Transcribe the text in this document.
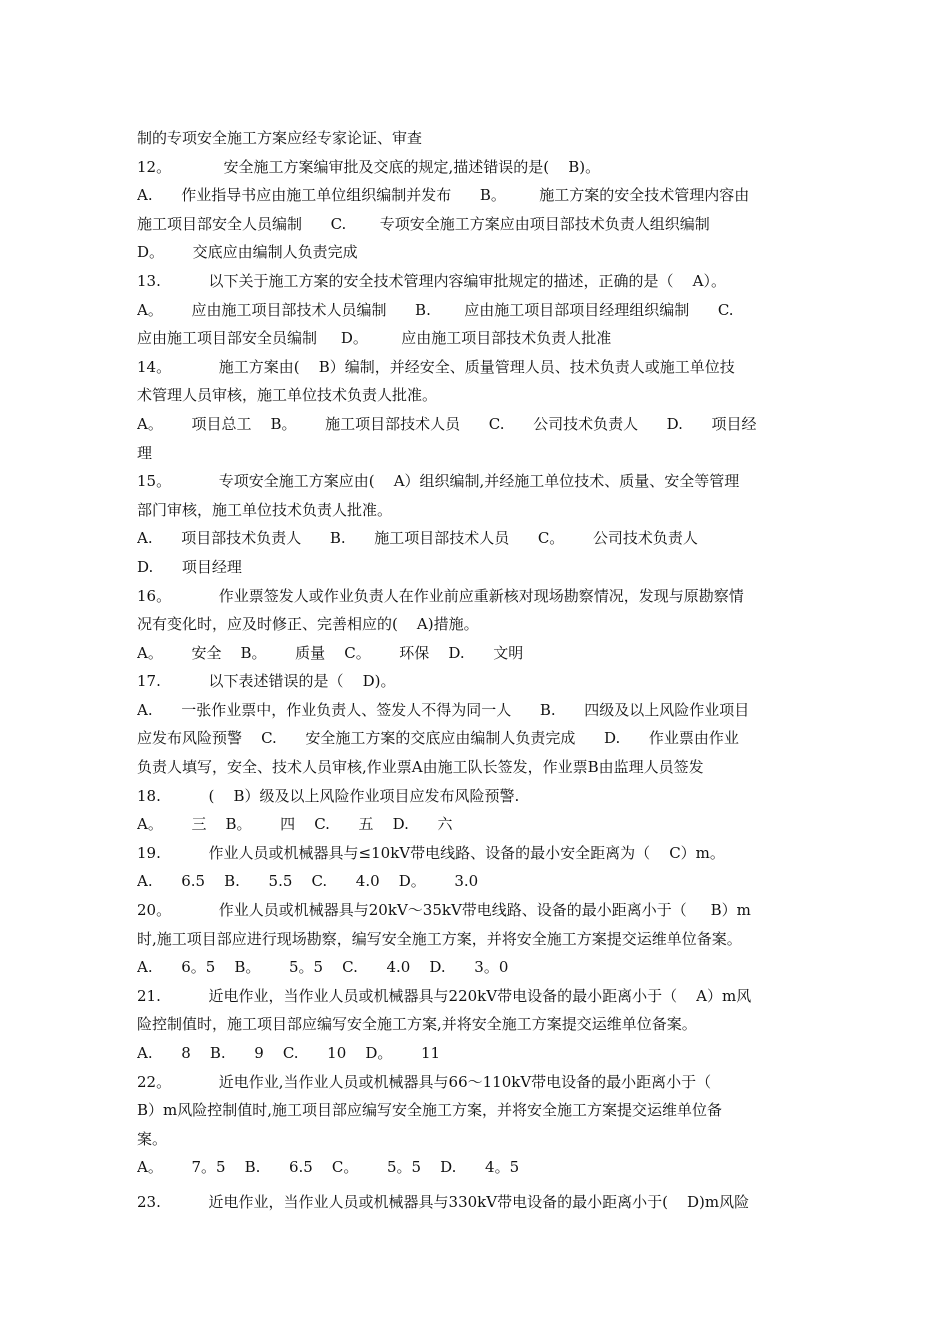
制的专项安全施工方案应经专家论证、审查
12。           安全施工方案编审批及交底的规定,描述错误的是(    B)。
A.      作业指导书应由施工单位组织编制并发布      B。       施工方案的安全技术管理内容由
施工项目部安全人员编制      C.       专项安全施工方案应由项目部技术负责人组织编制
D。      交底应由编制人负责完成
13.          以下关于施工方案的安全技术管理内容编审批规定的描述，正确的是（    A）。
A。      应由施工项目部技术人员编制      B.       应由施工项目部项目经理组织编制      C.
应由施工项目部安全员编制     D。       应由施工项目部技术负责人批准
14。          施工方案由(    B）编制，并经安全、质量管理人员、技术负责人或施工单位技
术管理人员审核，施工单位技术负责人批准。
A。      项目总工    B。      施工项目部技术人员      C.      公司技术负责人      D.      项目经
理
15。          专项安全施工方案应由(    A）组织编制,并经施工单位技术、质量、安全等管理
部门审核，施工单位技术负责人批准。
A.      项目部技术负责人      B.      施工项目部技术人员      C。      公司技术负责人
D.      项目经理
16。          作业票签发人或作业负责人在作业前应重新核对现场勘察情况，发现与原勘察情
况有变化时，应及时修正、完善相应的(    A)措施。
A。      安全    B。      质量    C。      环保    D.      文明
17.          以下表述错误的是（    D)。
A.      一张作业票中，作业负责人、签发人不得为同一人      B.      四级及以上风险作业项目
应发布风险预警    C.      安全施工方案的交底应由编制人负责完成      D.      作业票由作业
负责人填写，安全、技术人员审核,作业票A由施工队长签发，作业票B由监理人员签发
18.          (    B）级及以上风险作业项目应发布风险预警.
A。      三    B。      四    C.      五    D.      六
19.          作业人员或机械器具与≤10kV带电线路、设备的最小安全距离为（    C）m。
A.      6.5    B.      5.5    C.      4.0    D。      3.0
20。          作业人员或机械器具与20kV～35kV带电线路、设备的最小距离小于（     B）m
时,施工项目部应进行现场勘察，编写安全施工方案，并将安全施工方案提交运维单位备案。
A.      6。5    B。      5。5    C.      4.0    D.      3。0
21.          近电作业，当作业人员或机械器具与220kV带电设备的最小距离小于（    A）m风
险控制值时，施工项目部应编写安全施工方案,并将安全施工方案提交运维单位备案。
A.      8    B.      9    C.      10    D。      11
22。          近电作业,当作业人员或机械器具与66～110kV带电设备的最小距离小于（
B）m风险控制值时,施工项目部应编写安全施工方案，并将安全施工方案提交运维单位备
案。
A。      7。5    B.      6.5    C。      5。5    D.      4。5
23.          近电作业，当作业人员或机械器具与330kV带电设备的最小距离小于(    D)m风险
